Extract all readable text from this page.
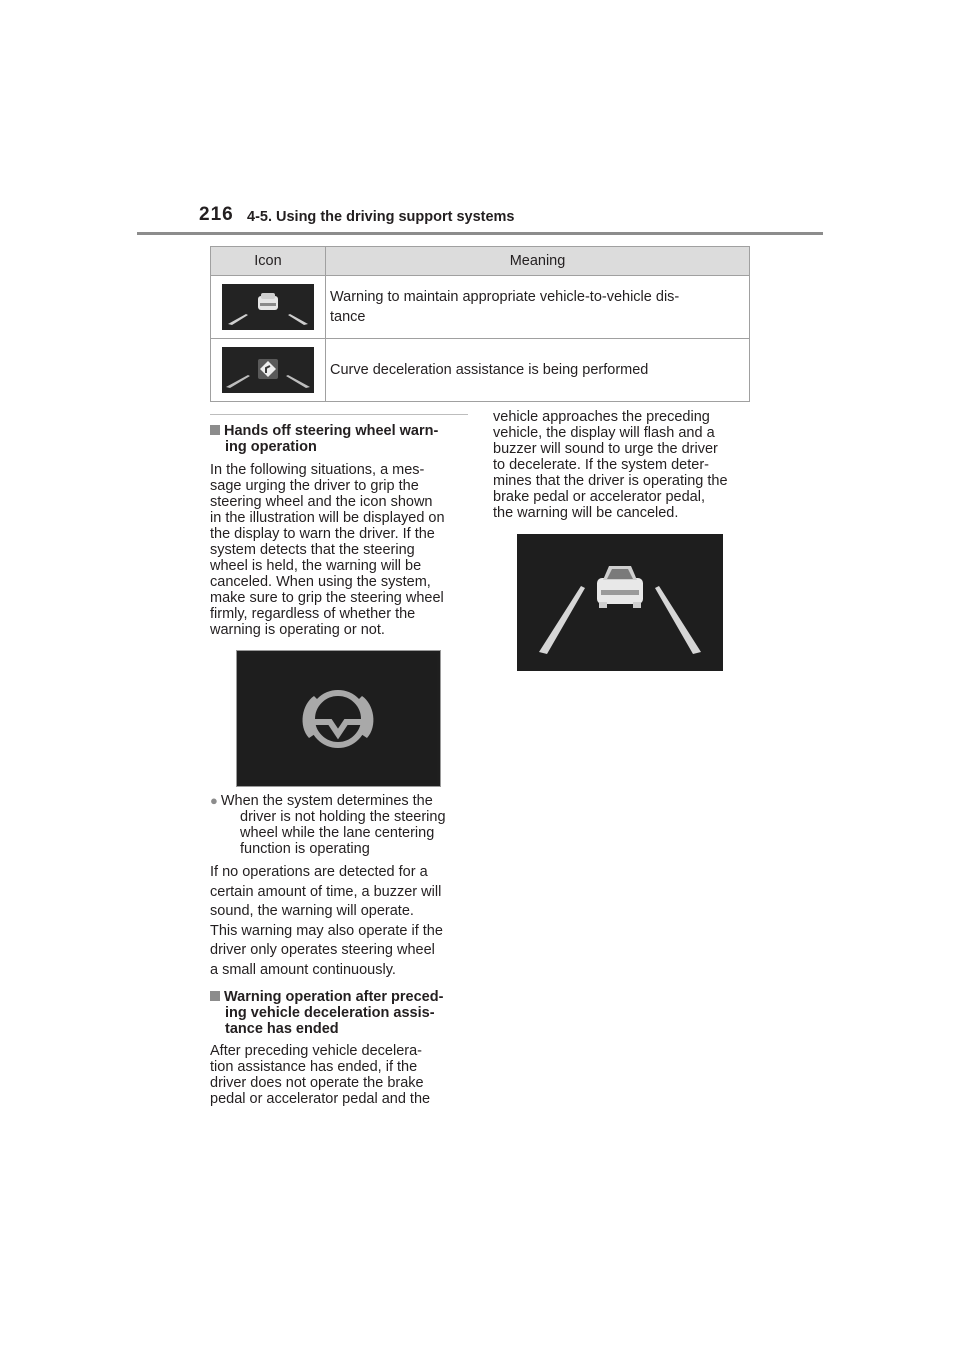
216 4-5. Using the driving support systems
Icon	Meaning

Warning to maintain appropriate vehicle-to-vehicle dis-
tance

Curve deceleration assistance is being performed
Hands off steering wheel warn-
ing operation
In the following situations, a mes-
sage urging the driver to grip the
steering wheel and the icon shown
in the illustration will be displayed on
the display to warn the driver. If the
system detects that the steering
wheel is held, the warning will be
canceled. When using the system,
make sure to grip the steering wheel
firmly, regardless of whether the
warning is operating or not.
● When the system determines the
driver is not holding the steering
wheel while the lane centering
function is operating
If no operations are detected for a
certain amount of time, a buzzer will
sound, the warning will operate.
This warning may also operate if the
driver only operates steering wheel
a small amount continuously.
Warning operation after preced-
ing vehicle deceleration assis-
tance has ended
After preceding vehicle decelera-
tion assistance has ended, if the
driver does not operate the brake
pedal or accelerator pedal and the
vehicle approaches the preceding
vehicle, the display will flash and a
buzzer will sound to urge the driver
to decelerate. If the system deter-
mines that the driver is operating the
brake pedal or accelerator pedal,
the warning will be canceled.
